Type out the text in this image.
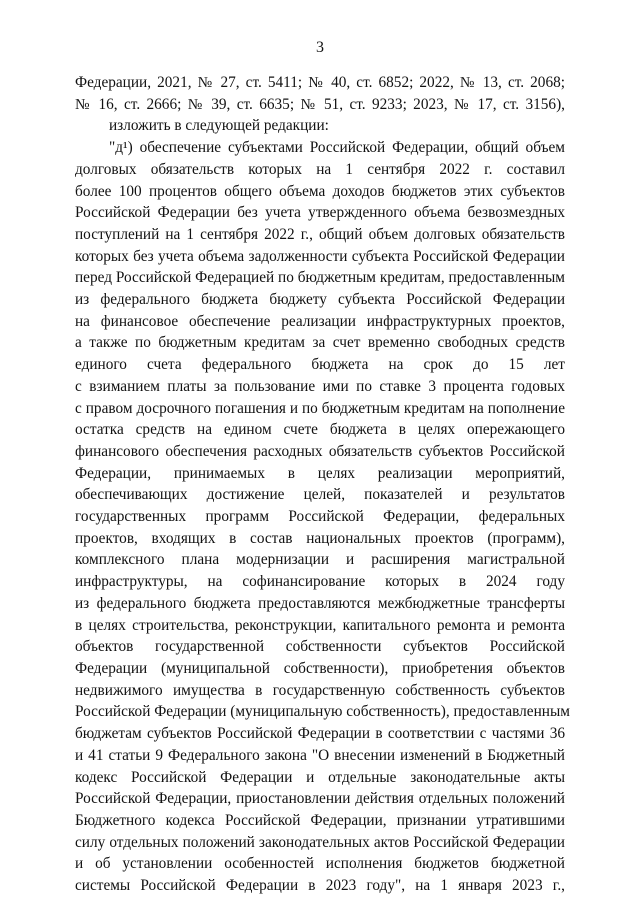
3
Федерации, 2021, № 27, ст. 5411; № 40, ст. 6852; 2022, № 13, ст. 2068;
№ 16, ст. 2666; № 39, ст. 6635; № 51, ст. 9233; 2023, № 17, ст. 3156),
изложить в следующей редакции:
"д¹) обеспечение субъектами Российской Федерации, общий объем
долговых обязательств которых на 1 сентября 2022 г. составил
более 100 процентов общего объема доходов бюджетов этих субъектов
Российской Федерации без учета утвержденного объема безвозмездных
поступлений на 1 сентября 2022 г., общий объем долговых обязательств
которых без учета объема задолженности субъекта Российской Федерации
перед Российской Федерацией по бюджетным кредитам, предоставленным
из федерального бюджета бюджету субъекта Российской Федерации
на финансовое обеспечение реализации инфраструктурных проектов,
а также по бюджетным кредитам за счет временно свободных средств
единого счета федерального бюджета на срок до 15 лет
с взиманием платы за пользование ими по ставке 3 процента годовых
с правом досрочного погашения и по бюджетным кредитам на пополнение
остатка средств на едином счете бюджета в целях опережающего
финансового обеспечения расходных обязательств субъектов Российской
Федерации, принимаемых в целях реализации мероприятий,
обеспечивающих достижение целей, показателей и результатов
государственных программ Российской Федерации, федеральных
проектов, входящих в состав национальных проектов (программ),
комплексного плана модернизации и расширения магистральной
инфраструктуры, на софинансирование которых в 2024 году
из федерального бюджета предоставляются межбюджетные трансферты
в целях строительства, реконструкции, капитального ремонта и ремонта
объектов государственной собственности субъектов Российской
Федерации (муниципальной собственности), приобретения объектов
недвижимого имущества в государственную собственность субъектов
Российской Федерации (муниципальную собственность), предоставленным
бюджетам субъектов Российской Федерации в соответствии с частями 36
и 41 статьи 9 Федерального закона "О внесении изменений в Бюджетный
кодекс Российской Федерации и отдельные законодательные акты
Российской Федерации, приостановлении действия отдельных положений
Бюджетного кодекса Российской Федерации, признании утратившими
силу отдельных положений законодательных актов Российской Федерации
и об установлении особенностей исполнения бюджетов бюджетной
системы Российской Федерации в 2023 году", на 1 января 2023 г.,
